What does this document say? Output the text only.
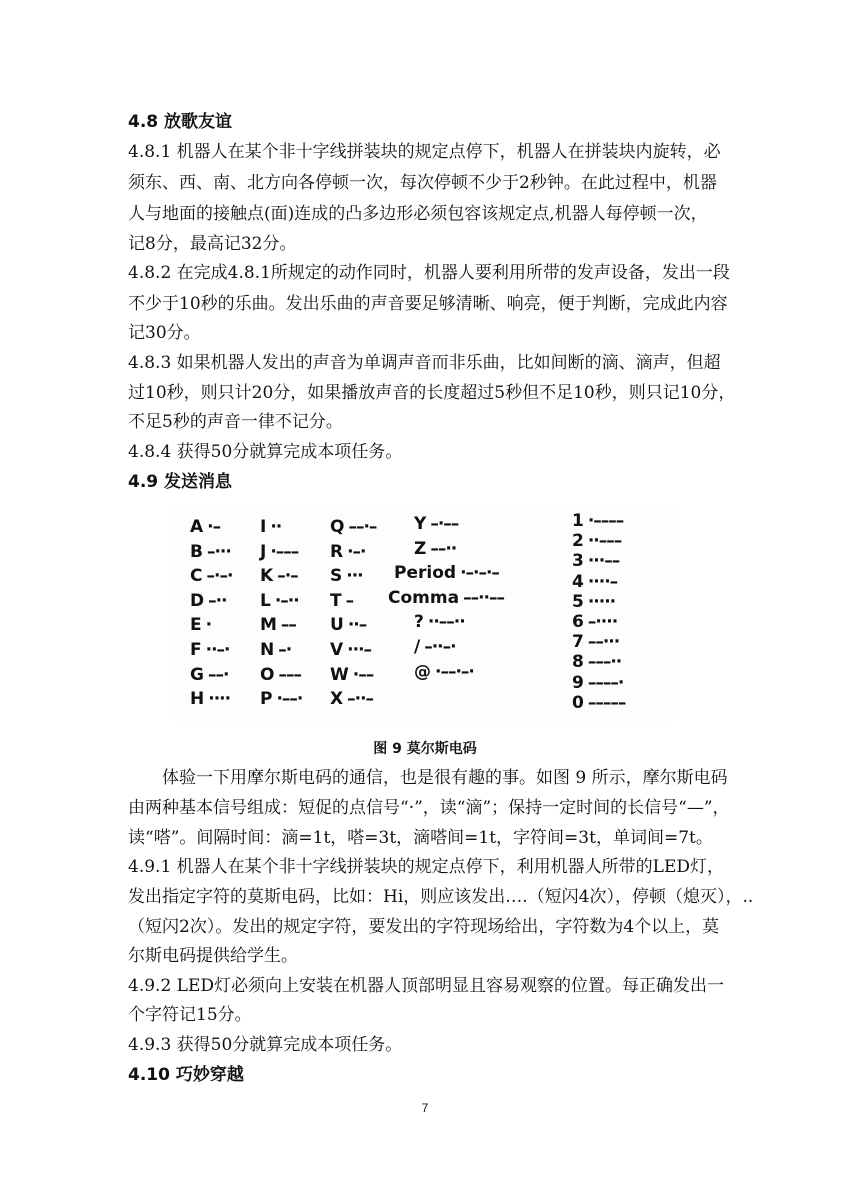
4.8 放歌友谊
4.8.1 机器人在某个非十字线拼装块的规定点停下，机器人在拼装块内旋转，必
须东、西、南、北方向各停顿一次，每次停顿不少于2秒钟。在此过程中，机器
人与地面的接触点(面)连成的凸多边形必须包容该规定点,机器人每停顿一次，
记8分，最高记32分。
4.8.2 在完成4.8.1所规定的动作同时，机器人要利用所带的发声设备，发出一段
不少于10秒的乐曲。发出乐曲的声音要足够清晰、响亮，便于判断，完成此内容
记30分。
4.8.3 如果机器人发出的声音为单调声音而非乐曲，比如间断的滴、滴声，但超
过10秒，则只计20分，如果播放声音的长度超过5秒但不足10秒，则只记10分，
不足5秒的声音一律不记分。
4.8.4 获得50分就算完成本项任务。
4.9 发送消息
A ·–
B –···
C –·–·
D –··
E ·
F ··–·
G ––·
H ····
I ··
J ·–––
K –·–
L ·–··
M ––
N –·
O –––
P ·––·
Q ––·–
R ·–·
S ···
T –
U ··–
V ···–
W ·––
X –··–
Y –·––
Z ––··
Period ·–·–·–
Comma ––··––
? ··––··
/ –··–·
@ ·––·–·
1 ·––––
2 ··–––
3 ···––
4 ····–
5 ·····
6 –····
7 ––···
8 –––··
9 ––––·
0 –––––
图 9 莫尔斯电码
体验一下用摩尔斯电码的通信，也是很有趣的事。如图 9 所示，摩尔斯电码
由两种基本信号组成：短促的点信号“·”，读“滴”；保持一定时间的长信号“—”，
读“嗒”。间隔时间：滴=1t，嗒=3t，滴嗒间=1t，字符间=3t，单词间=7t。
4.9.1 机器人在某个非十字线拼装块的规定点停下，利用机器人所带的LED灯，
发出指定字符的莫斯电码，比如：Hi，则应该发出….（短闪4次），停顿（熄灭），..
（短闪2次）。发出的规定字符，要发出的字符现场给出，字符数为4个以上，莫
尔斯电码提供给学生。
4.9.2 LED灯必须向上安装在机器人顶部明显且容易观察的位置。每正确发出一
个字符记15分。
4.9.3 获得50分就算完成本项任务。
4.10 巧妙穿越
7
